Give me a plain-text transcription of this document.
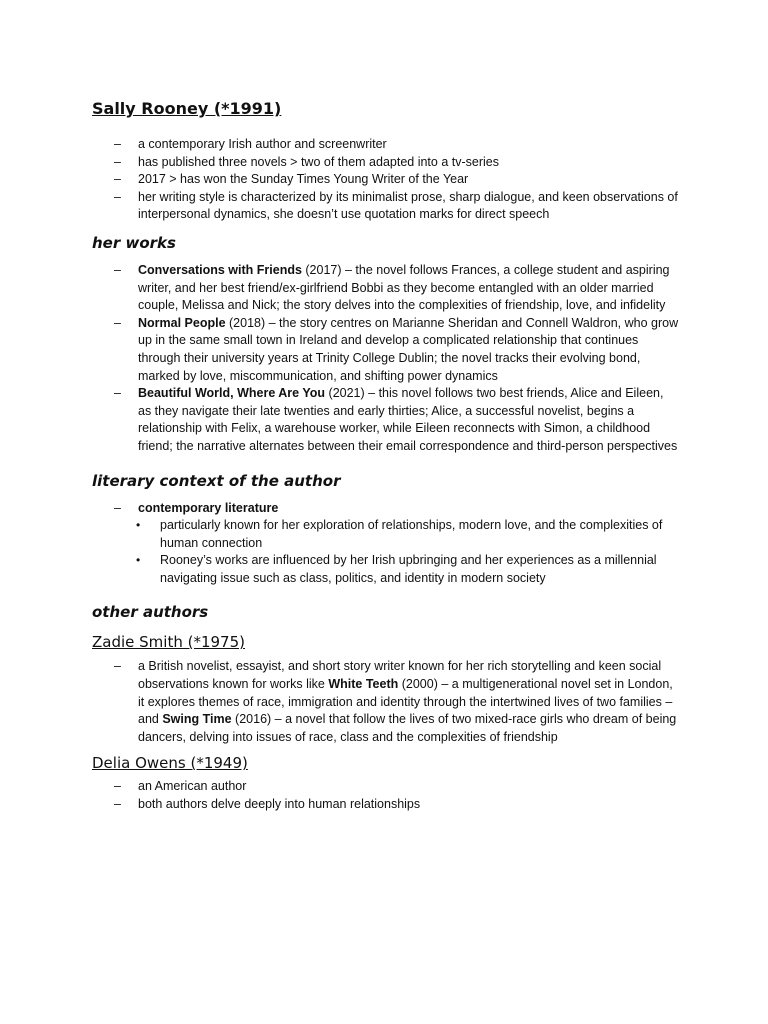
Sally Rooney (*1991)
– a contemporary Irish author and screenwriter
– has published three novels > two of them adapted into a tv-series
– 2017 > has won the Sunday Times Young Writer of the Year
– her writing style is characterized by its minimalist prose, sharp dialogue, and keen observations of interpersonal dynamics, she doesn’t use quotation marks for direct speech
her works
– Conversations with Friends (2017) – the novel follows Frances, a college student and aspiring writer, and her best friend/ex-girlfriend Bobbi as they become entangled with an older married couple, Melissa and Nick; the story delves into the complexities of friendship, love, and infidelity
– Normal People (2018) – the story centres on Marianne Sheridan and Connell Waldron, who grow up in the same small town in Ireland and develop a complicated relationship that continues through their university years at Trinity College Dublin; the novel tracks their evolving bond, marked by love, miscommunication, and shifting power dynamics
– Beautiful World, Where Are You (2021) – this novel follows two best friends, Alice and Eileen, as they navigate their late twenties and early thirties; Alice, a successful novelist, begins a relationship with Felix, a warehouse worker, while Eileen reconnects with Simon, a childhood friend; the narrative alternates between their email correspondence and third-person perspectives
literary context of the author
– contemporary literature
• particularly known for her exploration of relationships, modern love, and the complexities of human connection
• Rooney’s works are influenced by her Irish upbringing and her experiences as a millennial navigating issue such as class, politics, and identity in modern society
other authors
Zadie Smith (*1975)
– a British novelist, essayist, and short story writer known for her rich storytelling and keen social observations known for works like White Teeth (2000) – a multigenerational novel set in London, it explores themes of race, immigration and identity through the intertwined lives of two families – and Swing Time (2016) – a novel that follow the lives of two mixed-race girls who dream of being dancers, delving into issues of race, class and the complexities of friendship
Delia Owens (*1949)
– an American author
– both authors delve deeply into human relationships
